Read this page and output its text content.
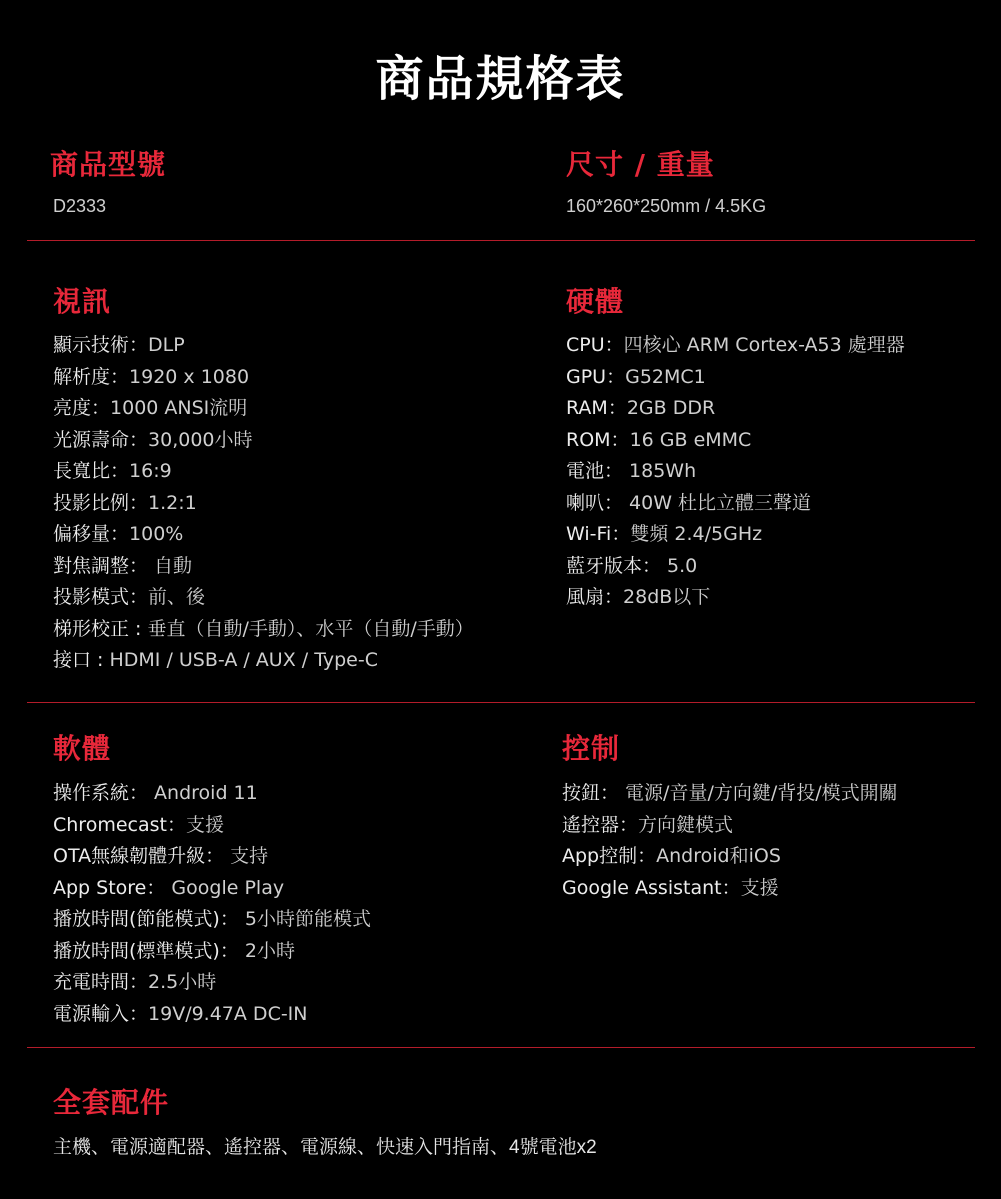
商品規格表
商品型號
D2333
尺寸 / 重量
160*260*250mm / 4.5KG
視訊
顯示技術：DLP
解析度：1920 x 1080
亮度：1000 ANSI流明
光源壽命：30,000小時
長寬比：16:9
投影比例：1.2:1
偏移量：100%
對焦調整： 自動
投影模式：前、後
梯形校正 : 垂直（自動/手動）、水平（自動/手動）
接口 : HDMI / USB-A / AUX / Type-C
硬體
CPU：四核心 ARM Cortex-A53 處理器
GPU：G52MC1
RAM：2GB DDR
ROM：16 GB eMMC
電池： 185Wh
喇叭： 40W 杜比立體三聲道
Wi-Fi：雙頻 2.4/5GHz
藍牙版本： 5.0
風扇：28dB以下
軟體
操作系統： Android 11
Chromecast：支援
OTA無線韌體升級： 支持
App Store： Google Play
播放時間(節能模式)： 5小時節能模式
播放時間(標準模式)： 2小時
充電時間：2.5小時
電源輸入：19V/9.47A DC-IN
控制
按鈕： 電源/音量/方向鍵/背投/模式開關
遙控器：方向鍵模式
App控制：Android和iOS
Google Assistant：支援
全套配件
主機、電源適配器、遙控器、電源線、快速入門指南、4號電池x2
